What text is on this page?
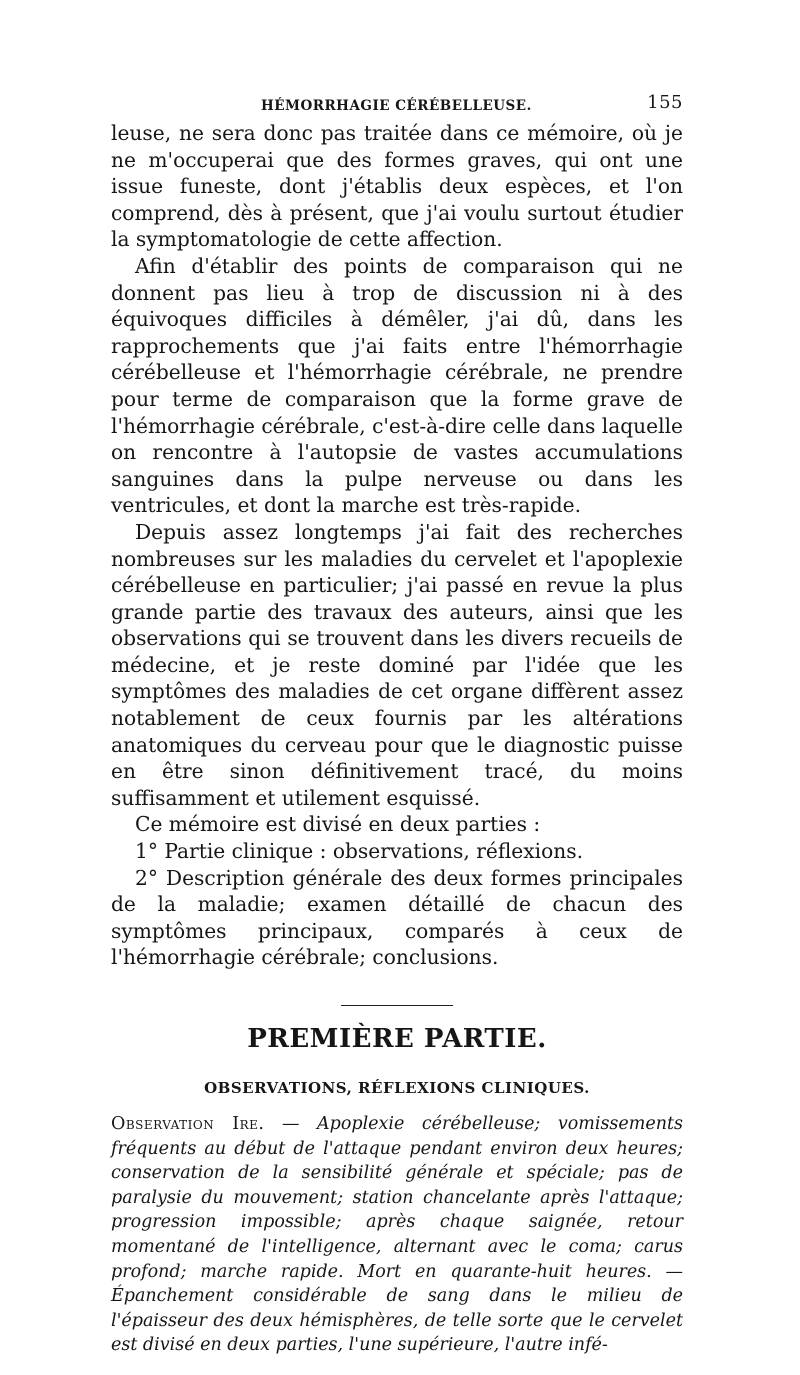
HÉMORRHAGIE CÉRÉBELLEUSE.	155

leuse, ne sera donc pas traitée dans ce mémoire, où je ne m'occuperai que des formes graves, qui ont une issue funeste, dont j'établis deux espèces, et l'on comprend, dès à présent, que j'ai voulu surtout étudier la symptomatologie de cette affection.

Afin d'établir des points de comparaison qui ne donnent pas lieu à trop de discussion ni à des équivoques difficiles à démêler, j'ai dû, dans les rapprochements que j'ai faits entre l'hémorrhagie cérébelleuse et l'hémorrhagie cérébrale, ne prendre pour terme de comparaison que la forme grave de l'hémorrhagie cérébrale, c'est-à-dire celle dans laquelle on rencontre à l'autopsie de vastes accumulations sanguines dans la pulpe nerveuse ou dans les ventricules, et dont la marche est très-rapide.

Depuis assez longtemps j'ai fait des recherches nombreuses sur les maladies du cervelet et l'apoplexie cérébelleuse en particulier; j'ai passé en revue la plus grande partie des travaux des auteurs, ainsi que les observations qui se trouvent dans les divers recueils de médecine, et je reste dominé par l'idée que les symptômes des maladies de cet organe diffèrent assez notablement de ceux fournis par les altérations anatomiques du cerveau pour que le diagnostic puisse en être sinon définitivement tracé, du moins suffisamment et utilement esquissé.

Ce mémoire est divisé en deux parties :

1° Partie clinique : observations, réflexions.

2° Description générale des deux formes principales de la maladie; examen détaillé de chacun des symptômes principaux, comparés à ceux de l'hémorrhagie cérébrale; conclusions.

PREMIÈRE PARTIE.
OBSERVATIONS, RÉFLEXIONS CLINIQUES.

Observation Ire. — Apoplexie cérébelleuse; vomissements fréquents au début de l'attaque pendant environ deux heures; conservation de la sensibilité générale et spéciale; pas de paralysie du mouvement; station chancelante après l'attaque; progression impossible; après chaque saignée, retour momentané de l'intelligence, alternant avec le coma; carus profond; marche rapide. Mort en quarante-huit heures. — Épanchement considérable de sang dans le milieu de l'épaisseur des deux hémisphères, de telle sorte que le cervelet est divisé en deux parties, l'une supérieure, l'autre infé-
